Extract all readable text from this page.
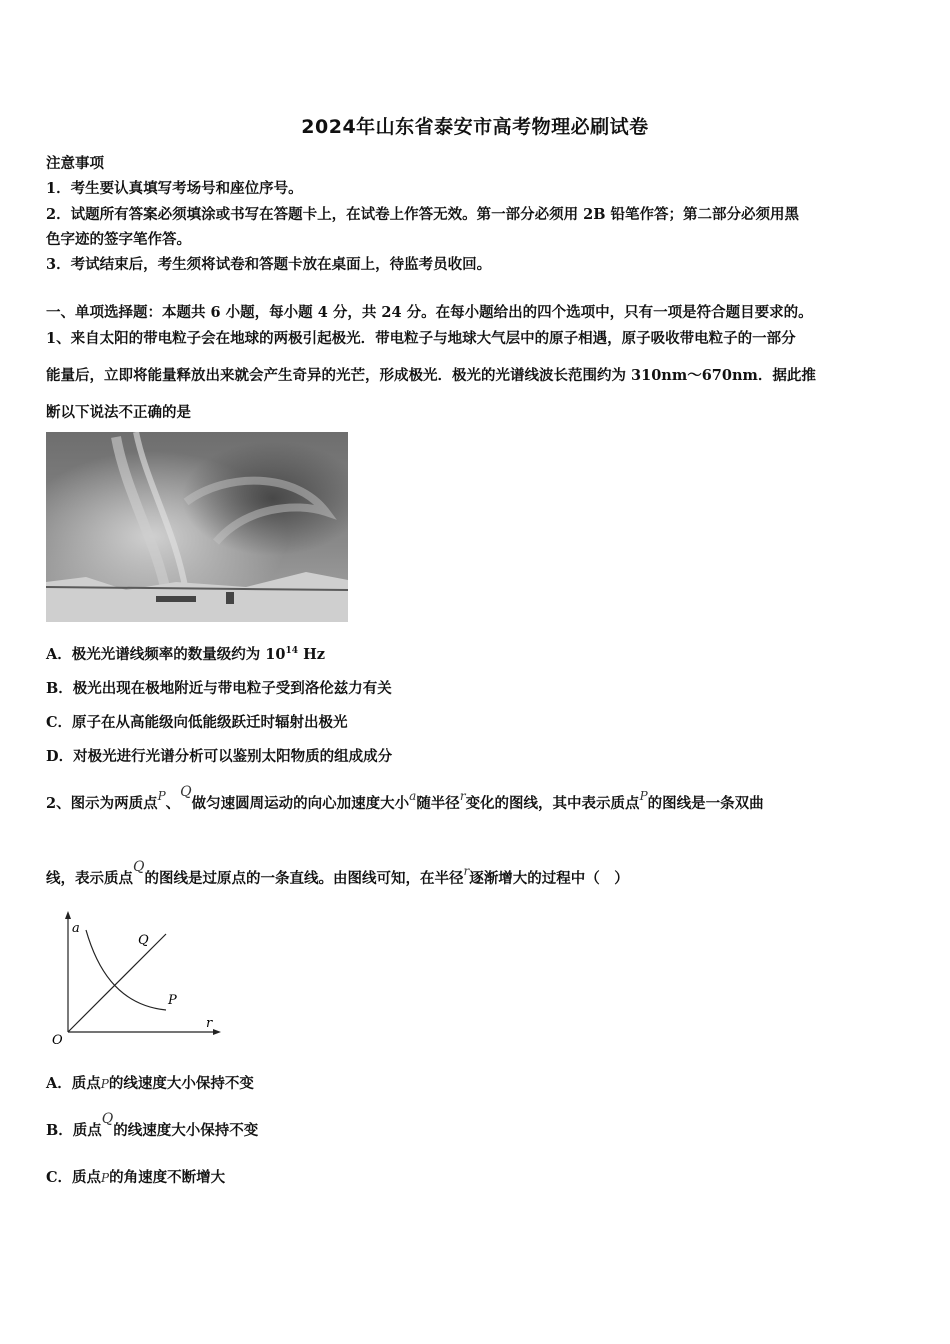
2024年山东省泰安市高考物理必刷试卷
注意事项
1．考生要认真填写考场号和座位序号。
2．试题所有答案必须填涂或书写在答题卡上，在试卷上作答无效。第一部分必须用 2B 铅笔作答；第二部分必须用黑
色字迹的签字笔作答。
3．考试结束后，考生须将试卷和答题卡放在桌面上，待监考员收回。
一、单项选择题：本题共 6 小题，每小题 4 分，共 24 分。在每小题给出的四个选项中，只有一项是符合题目要求的。
1、来自太阳的带电粒子会在地球的两极引起极光．带电粒子与地球大气层中的原子相遇，原子吸收带电粒子的一部分
能量后，立即将能量释放出来就会产生奇异的光芒，形成极光．极光的光谱线波长范围约为 310nm～670nm．据此推
断以下说法不正确的是
A．极光光谱线频率的数量级约为 $10^{14}$ Hz
B．极光出现在极地附近与带电粒子受到洛伦兹力有关
C．原子在从高能级向低能级跃迁时辐射出极光
D．对极光进行光谱分析可以鉴别太阳物质的组成成分
2、图示为两质点$^P$、Q做匀速圆周运动的向心加速度大小$^a$随半径$^r$变化的图线，其中表示质点$^P$的图线是一条双曲
线，表示质点Q的图线是过原点的一条直线。由图线可知，在半径$^r$逐渐增大的过程中（　）
a
r
O
Q
P
A．质点P的线速度大小保持不变
B．质点Q的线速度大小保持不变
C．质点P的角速度不断增大
